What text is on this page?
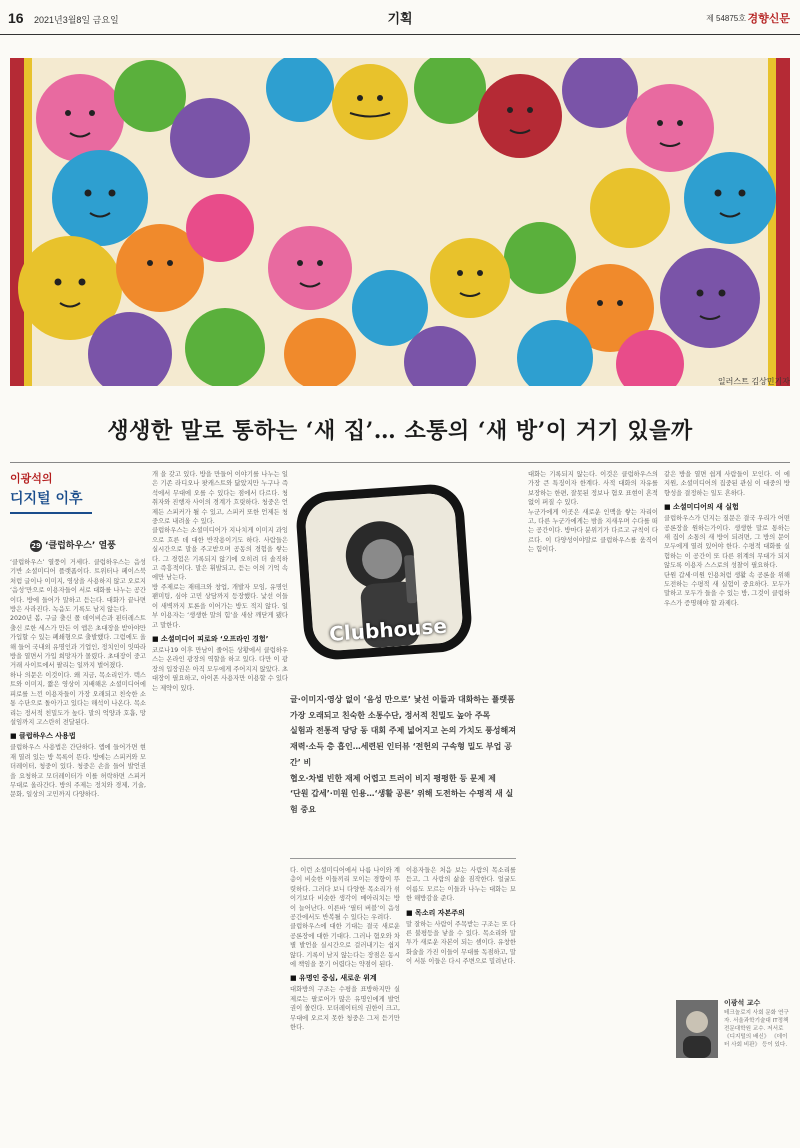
16 2021년3월8일 금요일	기획	제 54875호 경향신문
일러스트 김상민기자
생생한 말로 통하는 ‘새 집’… 소통의 ‘새 방’이 거기 있을까
이광석의
디지털 이후
29 ‘클럽하우스’ 열풍

‘클럽하우스’ 열풍이 거세다. 클럽하우스는 음성 기반 소셜미디어 플랫폼이다. 트위터나 페이스북처럼 글이나 이미지, 영상을 사용하지 않고 오로지 ‘음성’만으로 이용자들이 서로 대화를 나누는 공간이다. 방에 들어가 말하고 듣는다. 대화가 끝나면 방은 사라진다. 녹음도 기록도 남지 않는다.

2020년 봄, 구글 출신 폴 데이비슨과 핀터레스트 출신 로한 세스가 만든 이 앱은 초대장을 받아야만 가입할 수 있는 폐쇄형으로 출발했다. 그럼에도 올해 들어 국내외 유명인과 기업인, 정치인이 잇따라 방을 열면서 가입 희망자가 몰렸다. 초대장이 중고 거래 사이트에서 팔리는 일까지 벌어졌다.

하나 의문은 이것이다. 왜 지금, 목소리인가. 텍스트와 이미지, 짧은 영상이 지배해온 소셜미디어에 피로를 느낀 이용자들이 가장 오래되고 친숙한 소통 수단으로 돌아가고 있다는 해석이 나온다. 목소리는 정서적 친밀도가 높다. 말의 억양과 호흡, 망설임까지 고스란히 전달된다.

■ 클럽하우스 사용법

클럽하우스 사용법은 간단하다. 앱에 들어가면 현재 열려 있는 방 목록이 뜬다. 방에는 스피커와 모더레이터, 청중이 있다. 청중은 손을 들어 발언권을 요청하고 모더레이터가 이를 허락하면 스피커 무대로 올라간다. 방의 주제는 정치와 경제, 기술, 문화, 일상의 고민까지 다양하다.

개 을 갖고 있다. 방을 만들어 이야기를 나누는 일은 기존 라디오나 팟캐스트와 닮았지만 누구나 즉석에서 무대에 오를 수 있다는 점에서 다르다. 청취자와 진행자 사이의 경계가 흐릿하다. 청중은 언제든 스피커가 될 수 있고, 스피커 또한 언제든 청중으로 내려올 수 있다.

클럽하우스는 소셜미디어가 지나치게 이미지 과잉으로 흐른 데 대한 반작용이기도 하다. 사람들은 실시간으로 말을 주고받으며 공동의 경험을 쌓는다. 그 경험은 기록되지 않기에 오히려 더 솔직하고 즉흥적이다. 말은 휘발되고, 듣는 이의 기억 속에만 남는다.

방 주제로는 재테크와 창업, 개발자 모임, 유명인 팬미팅, 심야 고민 상담까지 등장했다. 낯선 이들이 새벽까지 토론을 이어가는 방도 적지 않다. 일부 이용자는 ‘생생한 말의 힘’을 새삼 깨닫게 됐다고 말한다.

■ 소셜미디어 피로와 ‘오프라인 경험’

코로나19 이후 만남이 줄어든 상황에서 클럽하우스는 온라인 광장의 역할을 하고 있다. 다만 이 광장의 입장권은 아직 모두에게 주어지지 않았다. 초대장이 필요하고, 아이폰 사용자만 이용할 수 있다는 제약이 있다.

Clubhouse
글·이미지·영상 없이 ‘음성 만으로’ 낯선 이들과 대화하는 플랫폼
가장 오래되고 친숙한 소통수단, 정서적 친밀도 높아 주목
실험과 전통적 당당 동 대회 주제 넓어지고 논의 가치도 풍성해져
재력·소득 층 흡인…세련된 인터뷰 ‘전헌의 구속형 밀도 부업 공간’ 비
협오·차별 빈한 재제 어렵고 트러이 비지 평평한 등 문제 제
‘단원 갑세’·미원 인용…‘생활 공론’ 위해 도전하는 수평적 새 실험 중요

다. 이런 소셜미디어에서 나름 나이와 계층이 비슷한 이들끼리 모이는 경향이 뚜렷하다. 그러다 보니 다양한 목소리가 섞이기보다 비슷한 생각이 메아리치는 방이 늘어난다. 이른바 ‘필터 버블’이 음성 공간에서도 반복될 수 있다는 우려다.

클럽하우스에 대한 기대는 결국 새로운 공론장에 대한 기대다. 그러나 혐오와 차별 발언을 실시간으로 걸러내기는 쉽지 않다. 기록이 남지 않는다는 장점은 동시에 책임을 묻기 어렵다는 약점이 된다.

■ 유명인 중심, 새로운 위계

대화방의 구조는 수평을 표방하지만 실제로는 팔로어가 많은 유명인에게 발언권이 쏠린다. 모더레이터의 권한이 크고, 무대에 오르지 못한 청중은 그저 듣기만 한다.

이용자들은 처음 보는 사람의 목소리를 듣고, 그 사람의 삶을 짐작한다. 얼굴도 이름도 모르는 이들과 나누는 대화는 묘한 해방감을 준다.

■ 목소리 자본주의

말 잘하는 사람이 주목받는 구조는 또 다른 불평등을 낳을 수 있다. 목소리와 말투가 새로운 자본이 되는 셈이다. 유창한 화술을 가진 이들이 무대를 독점하고, 말이 서툰 이들은 다시 주변으로 밀려난다.

대화는 기록되지 않는다. 이것은 클럽하우스의 가장 큰 특징이자 한계다. 사적 대화의 자유를 보장하는 한편, 잘못된 정보나 혐오 표현이 흔적 없이 퍼질 수 있다.

누군가에게 이곳은 새로운 인맥을 쌓는 자리이고, 다른 누군가에게는 밤을 지새우며 수다를 떠는 공간이다. 방마다 분위기가 다르고 규칙이 다르다. 이 다양성이야말로 클럽하우스를 움직이는 힘이다.

같은 방을 열면 쉽게 사람들이 모인다. 이 에 지원, 소셜미디어의 집중된 관심 이 대중의 방향성을 결정하는 일도 흔하다.

■ 소셜미디어의 새 실험

클럽하우스가 던지는 질문은 결국 우리가 어떤 공론장을 원하는가이다. 생생한 말로 통하는 새 집이 소통의 새 방이 되려면, 그 방의 문이 모두에게 열려 있어야 한다. 수평적 대화를 실험하는 이 공간이 또 다른 위계의 무대가 되지 않도록 이용자 스스로의 성찰이 필요하다.

단원 갑세·미원 인용처럼 생활 속 공론을 위해 도전하는 수평적 새 실험이 중요하다. 모두가 말하고 모두가 들을 수 있는 방, 그것이 클럽하우스가 증명해야 할 과제다.

이광석 교수
테크놀로지 사회 문화 연구자. 서울과학기술대 IT정책전문대학원 교수. 저서로 《디지털의 배신》 《데이터 사회 비판》 등이 있다.
